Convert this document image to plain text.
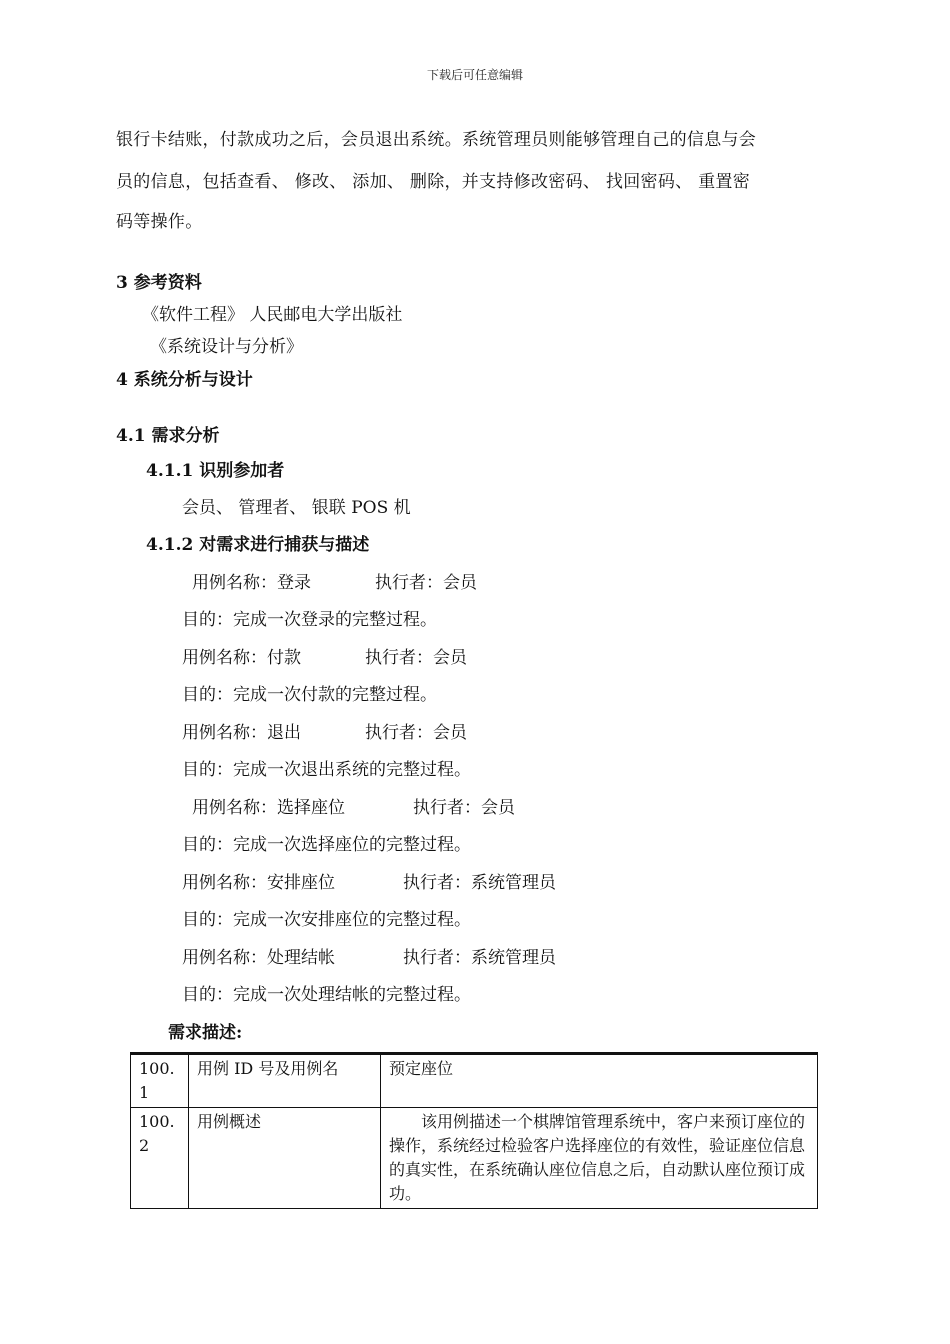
下载后可任意编辑
银行卡结账，付款成功之后，会员退出系统。系统管理员则能够管理自己的信息与会
员的信息，包括查看、 修改、 添加、 删除，并支持修改密码、 找回密码、 重置密
码等操作。
3 参考资料
《软件工程》 人民邮电大学出版社
《系统设计与分析》
4 系统分析与设计
4.1 需求分析
4.1.1 识别参加者
会员、 管理者、 银联 POS 机
4.1.2 对需求进行捕获与描述
用例名称：登录	执行者：会员
目的：完成一次登录的完整过程。
用例名称：付款	执行者：会员
目的：完成一次付款的完整过程。
用例名称：退出	执行者：会员
目的：完成一次退出系统的完整过程。
用例名称：选择座位	执行者：会员
目的：完成一次选择座位的完整过程。
用例名称：安排座位	执行者：系统管理员
目的：完成一次安排座位的完整过程。
用例名称：处理结帐	执行者：系统管理员
目的：完成一次处理结帐的完整过程。
需求描述:
100.
1	用例 ID 号及用例名	预定座位
100.
2	用例概述	该用例描述一个棋牌馆管理系统中，客户来预订座位的操作，系统经过检验客户选择座位的有效性，验证座位信息的真实性，在系统确认座位信息之后，自动默认座位预订成功。
